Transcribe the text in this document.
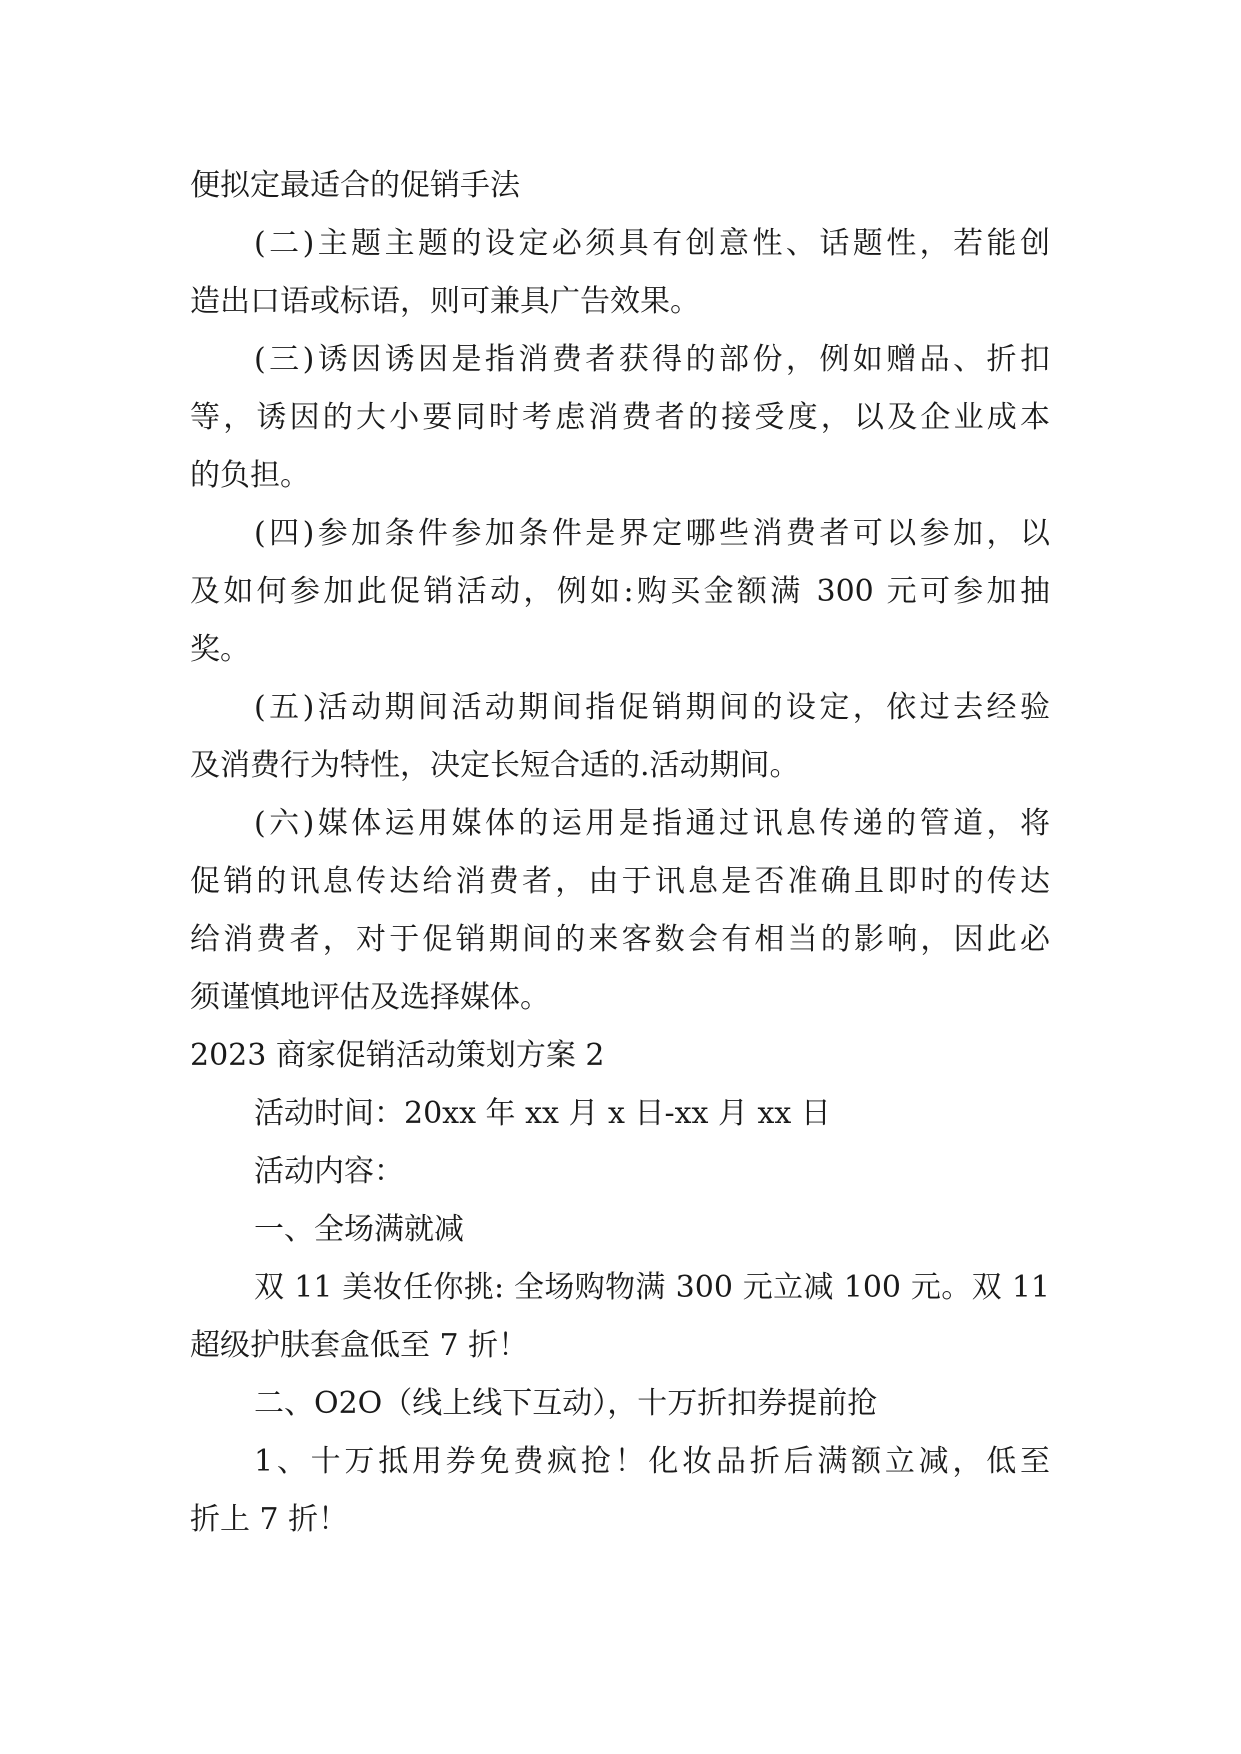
便拟定最适合的促销手法
(二)主题主题的设定必须具有创意性、话题性，若能创
造出口语或标语，则可兼具广告效果。
(三)诱因诱因是指消费者获得的部份，例如赠品、折扣
等，诱因的大小要同时考虑消费者的接受度，以及企业成本
的负担。
(四)参加条件参加条件是界定哪些消费者可以参加，以
及如何参加此促销活动，例如:购买金额满 300 元可参加抽
奖。
(五)活动期间活动期间指促销期间的设定，依过去经验
及消费行为特性，决定长短合适的.活动期间。
(六)媒体运用媒体的运用是指通过讯息传递的管道，将
促销的讯息传达给消费者，由于讯息是否准确且即时的传达
给消费者，对于促销期间的来客数会有相当的影响，因此必
须谨慎地评估及选择媒体。
2023 商家促销活动策划方案 2
活动时间：20xx 年 xx 月 x 日-xx 月 xx 日
活动内容：
一、全场满就减
双 11 美妆任你挑: 全场购物满 300 元立减 100 元。双 11
超级护肤套盒低至 7 折！
二、O2O（线上线下互动），十万折扣券提前抢
1、十万抵用券免费疯抢！化妆品折后满额立减，低至
折上 7 折！
